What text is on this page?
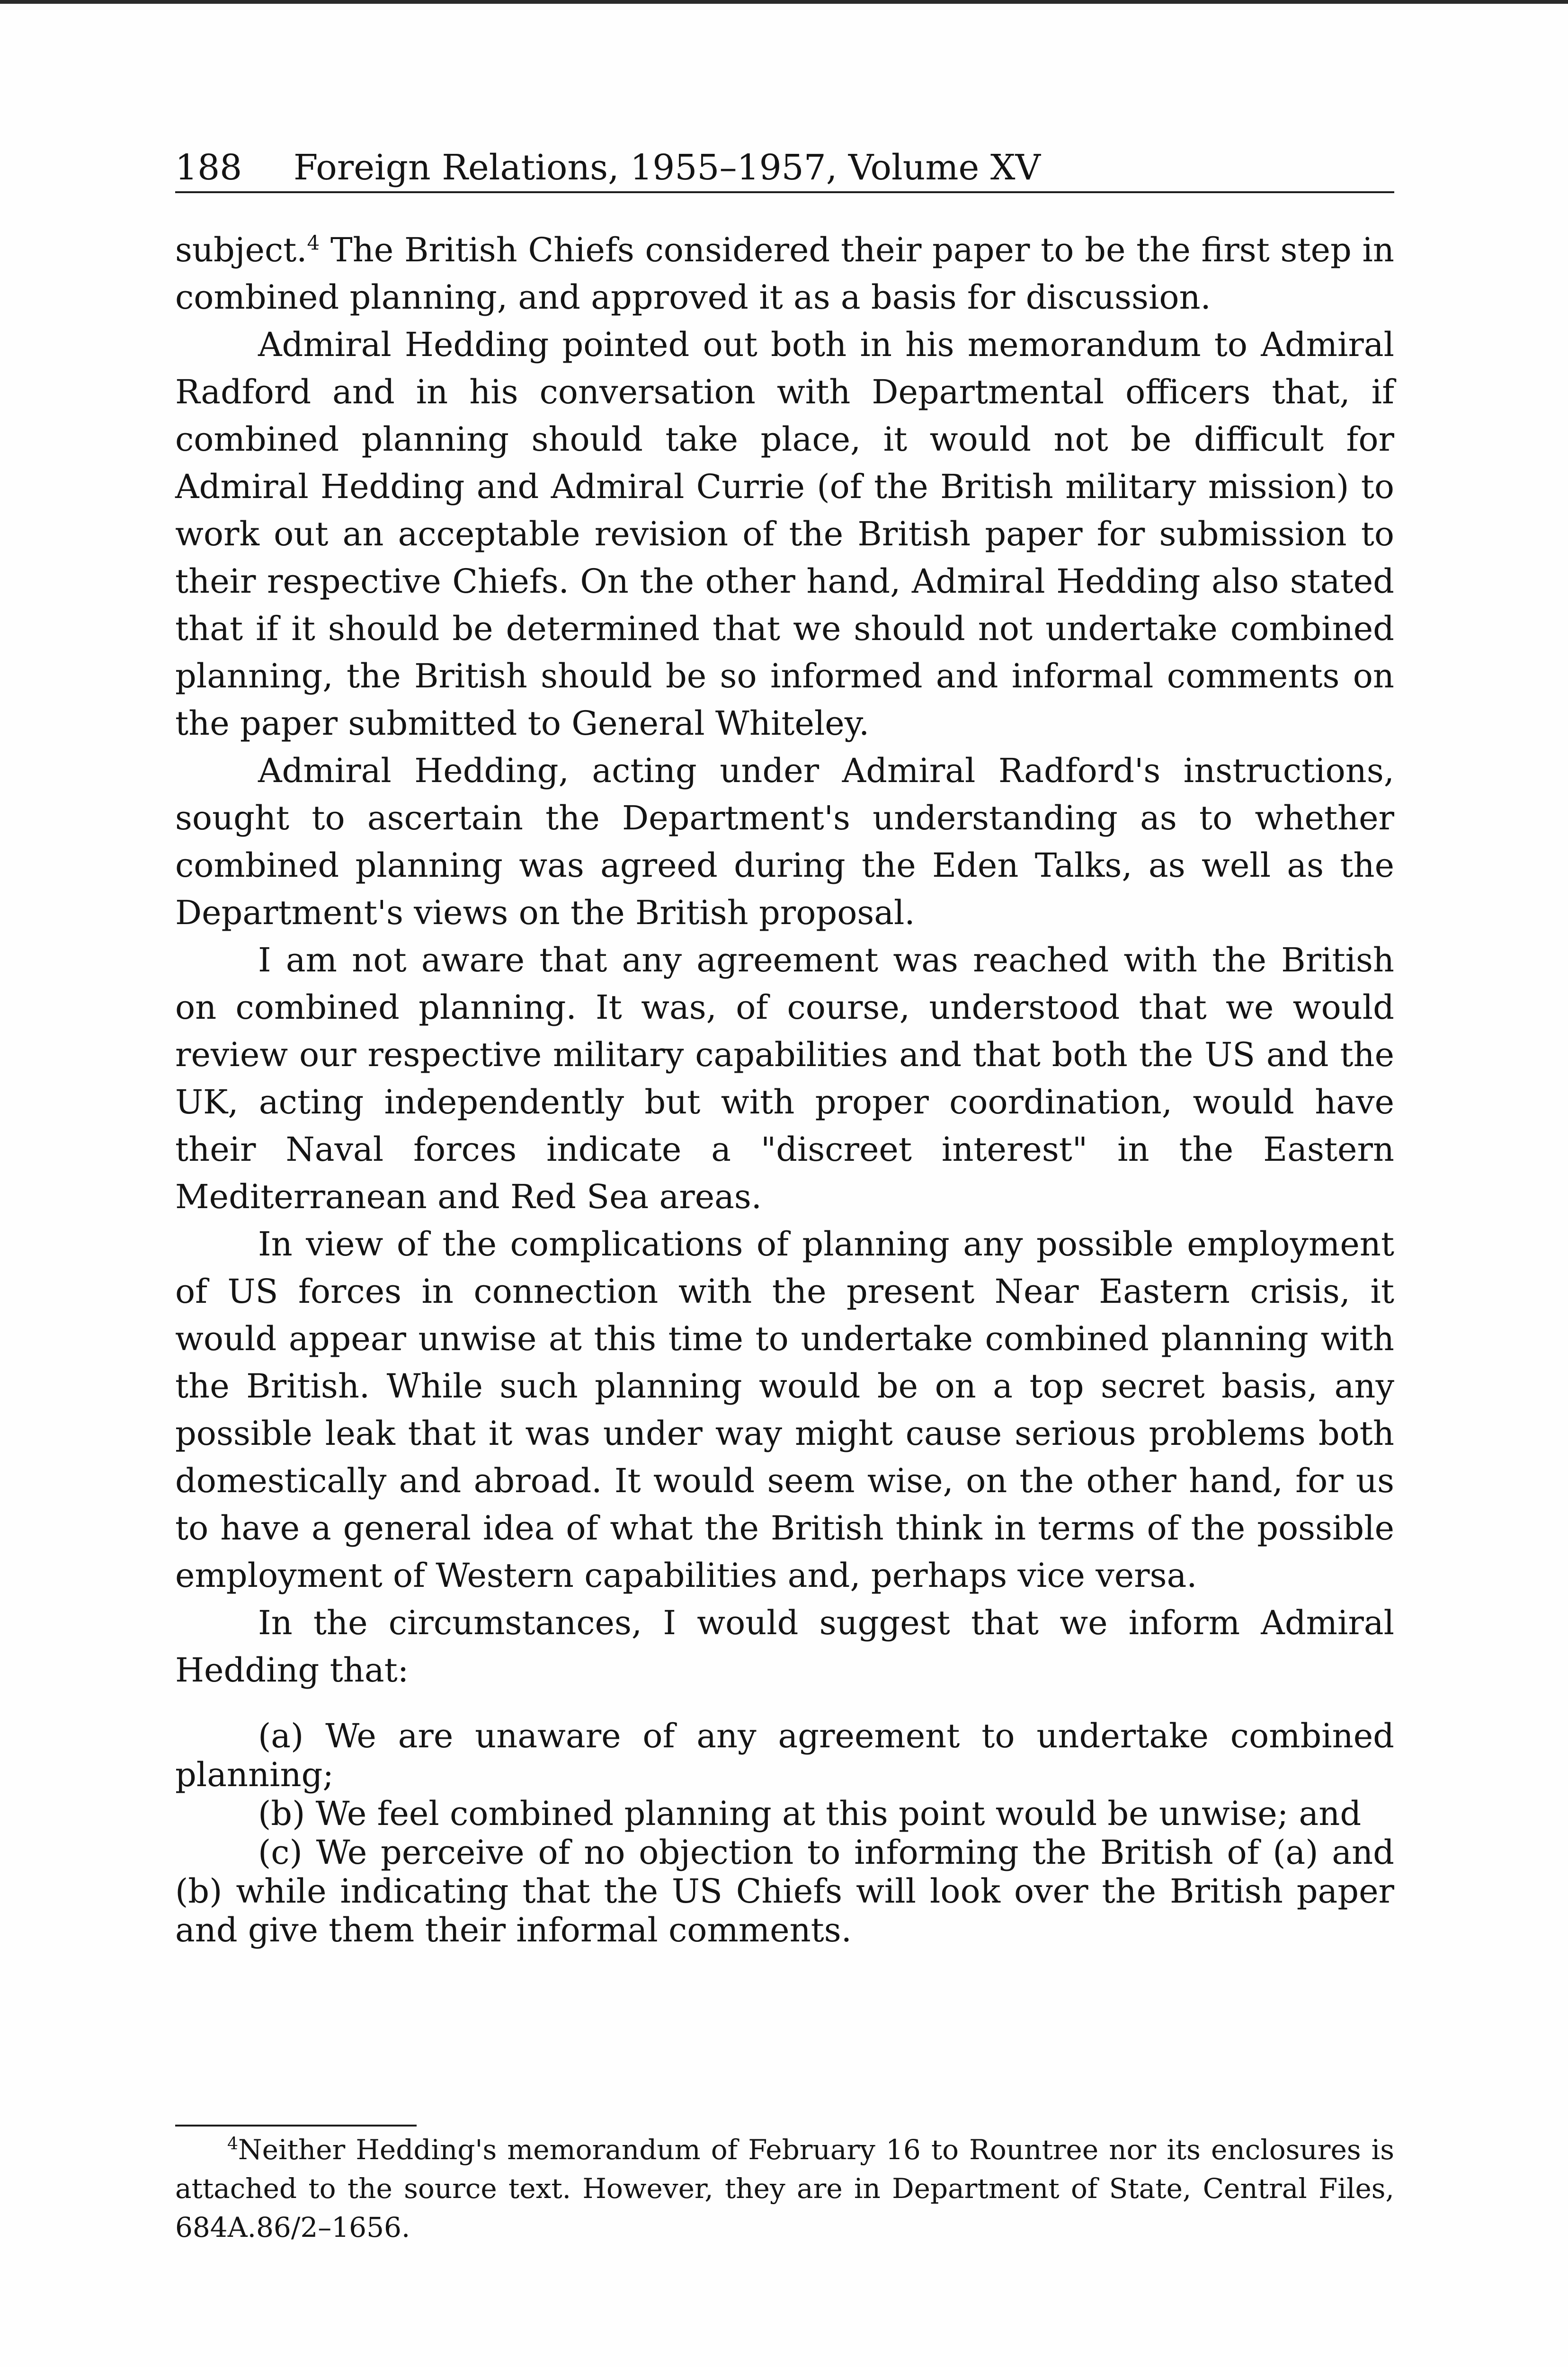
188 Foreign Relations, 1955–1957, Volume XV

subject.$^4$ The British Chiefs considered their paper to be the first step in combined planning, and approved it as a basis for discussion.

Admiral Hedding pointed out both in his memorandum to Admiral Radford and in his conversation with Departmental officers that, if combined planning should take place, it would not be difficult for Admiral Hedding and Admiral Currie (of the British military mission) to work out an acceptable revision of the British paper for submission to their respective Chiefs. On the other hand, Admiral Hedding also stated that if it should be determined that we should not undertake combined planning, the British should be so informed and informal comments on the paper submitted to General Whiteley.

Admiral Hedding, acting under Admiral Radford's instructions, sought to ascertain the Department's understanding as to whether combined planning was agreed during the Eden Talks, as well as the Department's views on the British proposal.

I am not aware that any agreement was reached with the British on combined planning. It was, of course, understood that we would review our respective military capabilities and that both the US and the UK, acting independently but with proper coordination, would have their Naval forces indicate a "discreet interest" in the Eastern Mediterranean and Red Sea areas.

In view of the complications of planning any possible employment of US forces in connection with the present Near Eastern crisis, it would appear unwise at this time to undertake combined planning with the British. While such planning would be on a top secret basis, any possible leak that it was under way might cause serious problems both domestically and abroad. It would seem wise, on the other hand, for us to have a general idea of what the British think in terms of the possible employment of Western capabilities and, perhaps vice versa.

In the circumstances, I would suggest that we inform Admiral Hedding that:

(a) We are unaware of any agreement to undertake combined planning;

(b) We feel combined planning at this point would be unwise; and

(c) We perceive of no objection to informing the British of (a) and (b) while indicating that the US Chiefs will look over the British paper and give them their informal comments.

$^4$Neither Hedding's memorandum of February 16 to Rountree nor its enclosures is attached to the source text. However, they are in Department of State, Central Files, 684A.86/2–1656.
